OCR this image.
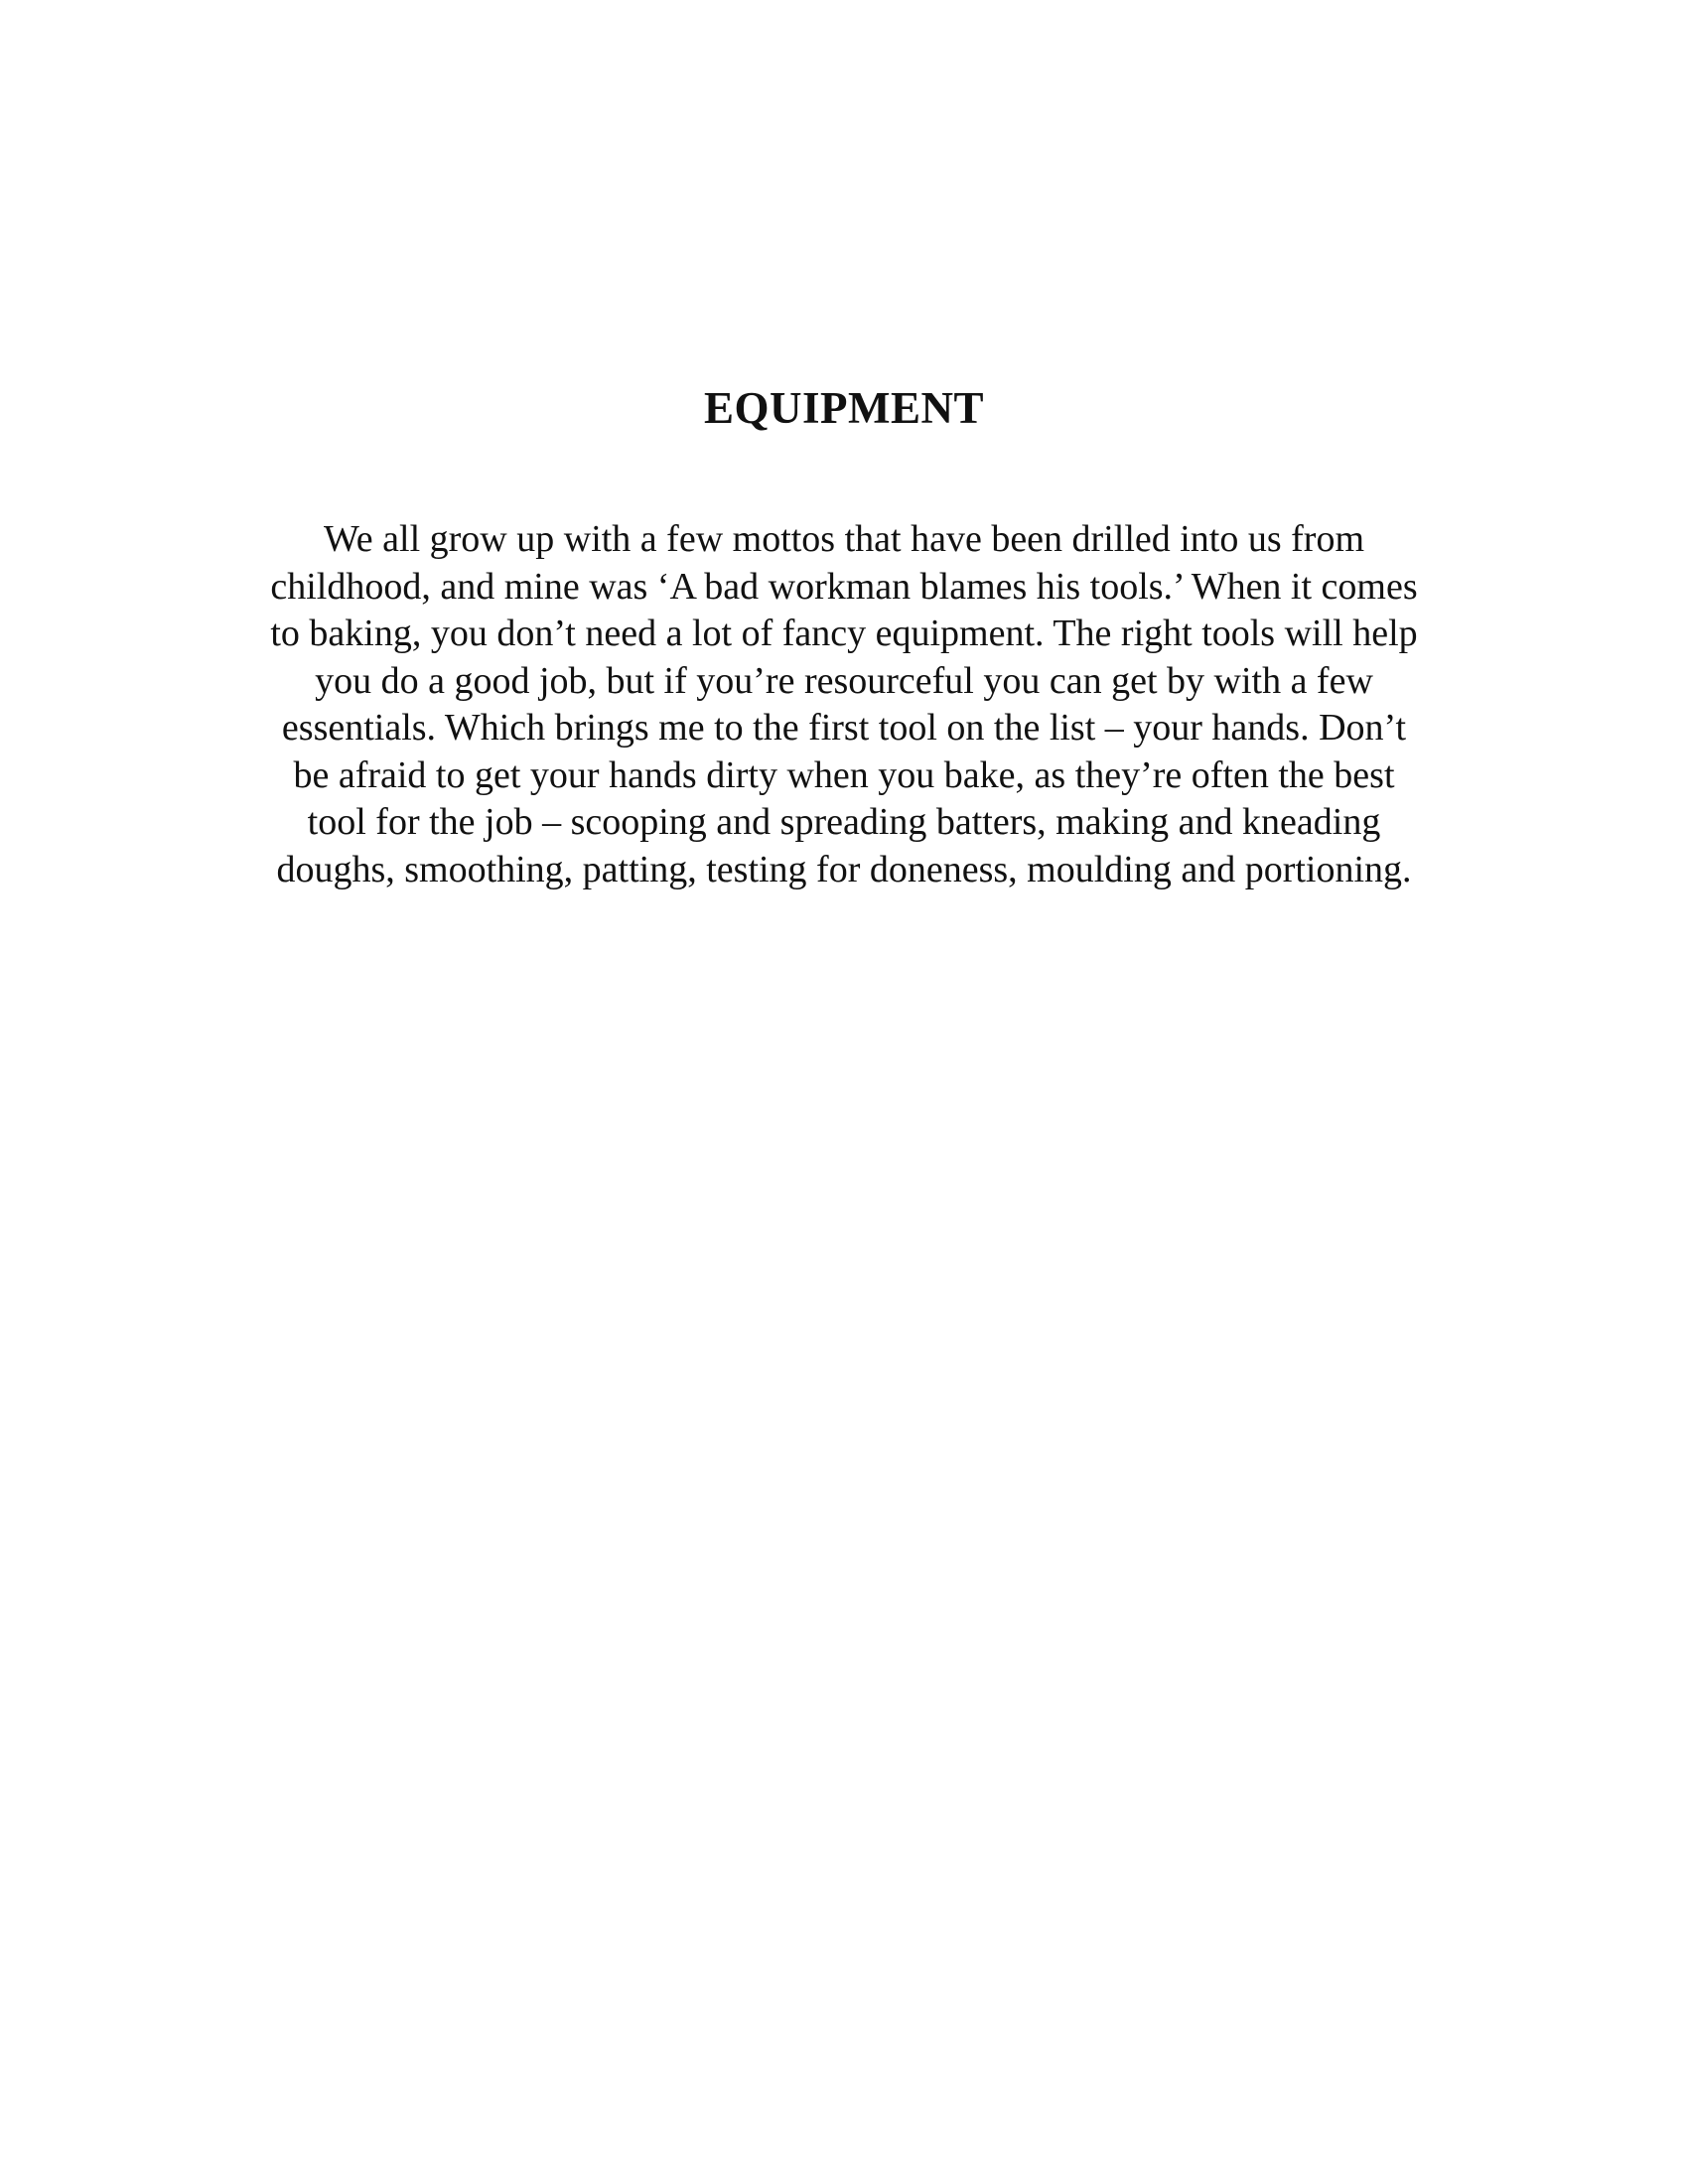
EQUIPMENT

We all grow up with a few mottos that have been drilled into us from
childhood, and mine was ‘A bad workman blames his tools.’ When it comes
to baking, you don’t need a lot of fancy equipment. The right tools will help
you do a good job, but if you’re resourceful you can get by with a few
essentials. Which brings me to the first tool on the list – your hands. Don’t
be afraid to get your hands dirty when you bake, as they’re often the best
tool for the job – scooping and spreading batters, making and kneading
doughs, smoothing, patting, testing for doneness, moulding and portioning.
